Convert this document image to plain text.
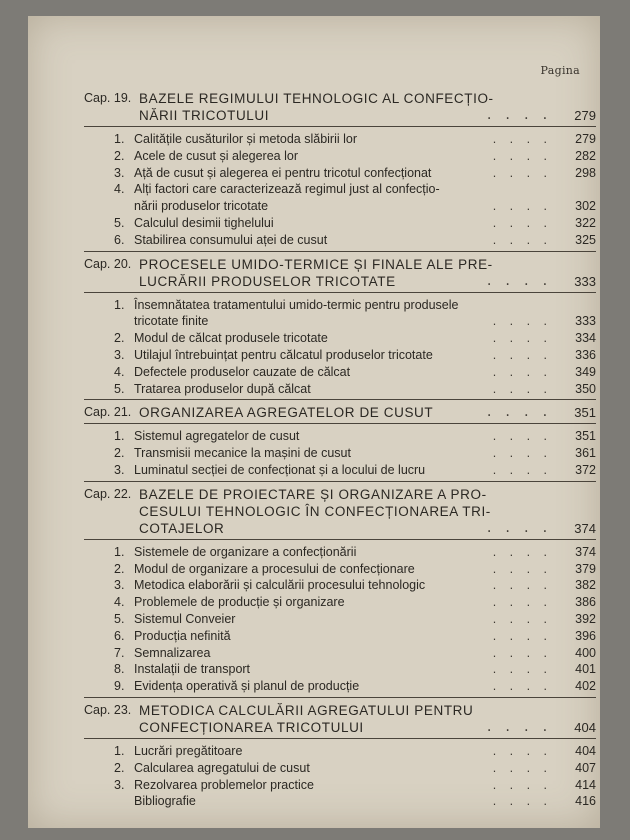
Pagina
Cap. 19. BAZELE REGIMULUI TEHNOLOGIC AL CONFECȚIO-
NĂRII TRICOTULUI	. . . . 279
1. Calitățile cusăturilor și metoda slăbirii lor	. . . . 279
2. Acele de cusut și alegerea lor	. . . . 282
3. Ață de cusut și alegerea ei pentru tricotul confecționat	. . . . 298
4. Alți factori care caracterizează regimul just al confecțio-
nării produselor tricotate	. . . . 302
5. Calculul desimii tighelului	. . . . 322
6. Stabilirea consumului aței de cusut	. . . . 325
Cap. 20. PROCESELE UMIDO-TERMICE ȘI FINALE ALE PRE-
LUCRĂRII PRODUSELOR TRICOTATE	. . . . 333
1. Însemnătatea tratamentului umido-termic pentru produsele
tricotate finite	. . . . 333
2. Modul de călcat produsele tricotate	. . . . 334
3. Utilajul întrebuințat pentru călcatul produselor tricotate	. . . . 336
4. Defectele produselor cauzate de călcat	. . . . 349
5. Tratarea produselor după călcat	. . . . 350
Cap. 21. ORGANIZAREA AGREGATELOR DE CUSUT	. . . . 351
1. Sistemul agregatelor de cusut	. . . . 351
2. Transmisii mecanice la mașini de cusut	. . . . 361
3. Luminatul secției de confecționat și a locului de lucru	. . . . 372
Cap. 22. BAZELE DE PROIECTARE ȘI ORGANIZARE A PRO-
CESULUI TEHNOLOGIC ÎN CONFECȚIONAREA TRI-
COTAJELOR	. . . . 374
1. Sistemele de organizare a confecționării	. . . . 374
2. Modul de organizare a procesului de confecționare	. . . . 379
3. Metodica elaborării și calculării procesului tehnologic	. . . . 382
4. Problemele de producție și organizare	. . . . 386
5. Sistemul Conveier	. . . . 392
6. Producția nefinită	. . . . 396
7. Semnalizarea	. . . . 400
8. Instalații de transport	. . . . 401
9. Evidența operativă și planul de producție	. . . . 402
Cap. 23. METODICA CALCULĂRII AGREGATULUI PENTRU
CONFECȚIONAREA TRICOTULUI	. . . . 404
1. Lucrări pregătitoare	. . . . 404
2. Calcularea agregatului de cusut	. . . . 407
3. Rezolvarea problemelor practice	. . . . 414
Bibliografie	. . . . 416
